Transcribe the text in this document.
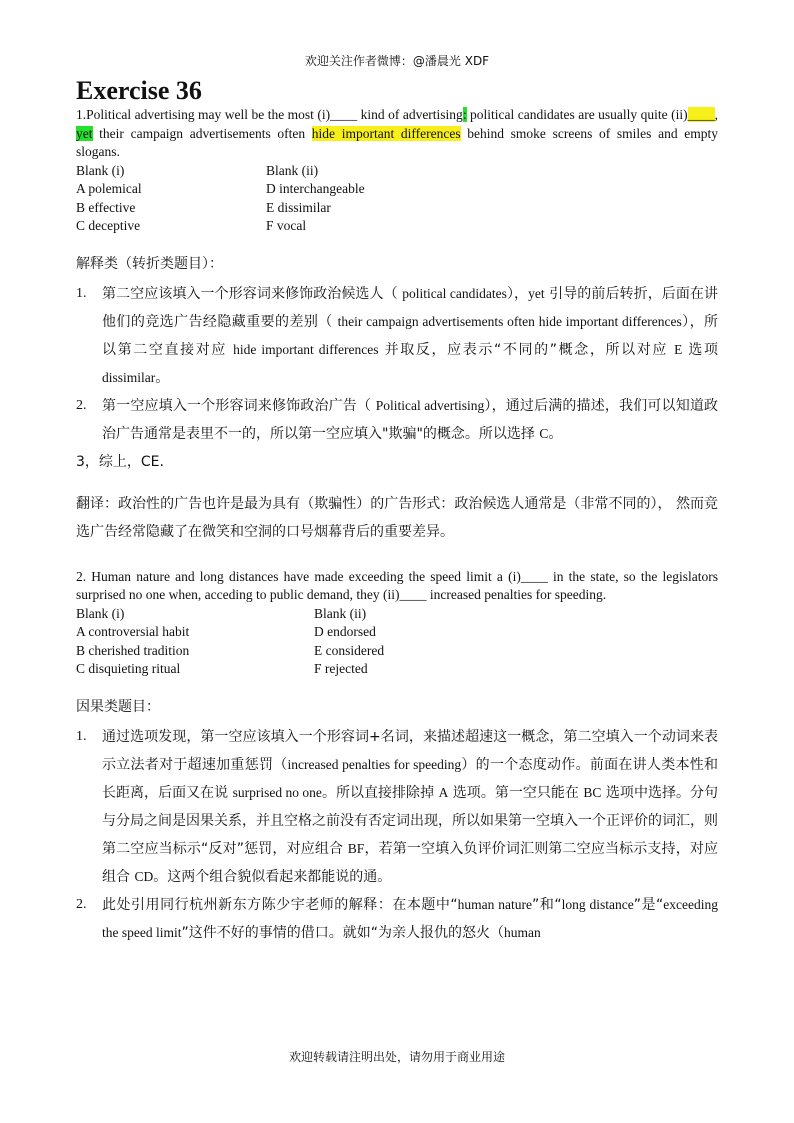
欢迎关注作者微博：@潘晨光 XDF
Exercise 36

1.Political advertising may well be the most (i)____ kind of advertising: political candidates are usually quite (ii)____, yet their campaign advertisements often hide important differences behind smoke screens of smiles and empty slogans.

Blank (i)	Blank (ii)
A polemical	D interchangeable
B effective	E dissimilar
C deceptive	F vocal
解释类（转折类题目）：
1. 第二空应该填入一个形容词来修饰政治候选人（ political candidates），yet 引导的前后转折，后面在讲他们的竞选广告经隐藏重要的差别（ their campaign advertisements often hide important differences），所以第二空直接对应 hide important differences 并取反，应表示“不同的”概念，所以对应 E 选项 dissimilar。
2. 第一空应填入一个形容词来修饰政治广告（ Political advertising），通过后满的描述，我们可以知道政治广告通常是表里不一的，所以第一空应填入"欺骗"的概念。所以选择 C。
3，综上，CE.
翻译：政治性的广告也许是最为具有（欺骗性）的广告形式：政治候选人通常是（非常不同的）， 然而竞选广告经常隐藏了在微笑和空洞的口号烟幕背后的重要差异。

2. Human nature and long distances have made exceeding the speed limit a (i)____ in the state, so the legislators surprised no one when, acceding to public demand, they (ii)____ increased penalties for speeding.

Blank (i)	Blank (ii)
A controversial habit	D endorsed
B cherished tradition	E considered
C disquieting ritual	F rejected
因果类题目：
1. 通过选项发现，第一空应该填入一个形容词+名词，来描述超速这一概念，第二空填入一个动词来表示立法者对于超速加重惩罚（increased penalties for speeding）的一个态度动作。前面在讲人类本性和长距离，后面又在说 surprised no one。所以直接排除掉 A 选项。第一空只能在 BC 选项中选择。分句与分局之间是因果关系，并且空格之前没有否定词出现，所以如果第一空填入一个正评价的词汇，则第二空应当标示“反对”惩罚，对应组合 BF，若第一空填入负评价词汇则第二空应当标示支持，对应组合 CD。这两个组合貌似看起来都能说的通。
2. 此处引用同行杭州新东方陈少宇老师的解释：在本题中“human nature”和“long distance”是“exceeding the speed limit”这件不好的事情的借口。就如“为亲人报仇的怒火（human
欢迎转载请注明出处，请勿用于商业用途
